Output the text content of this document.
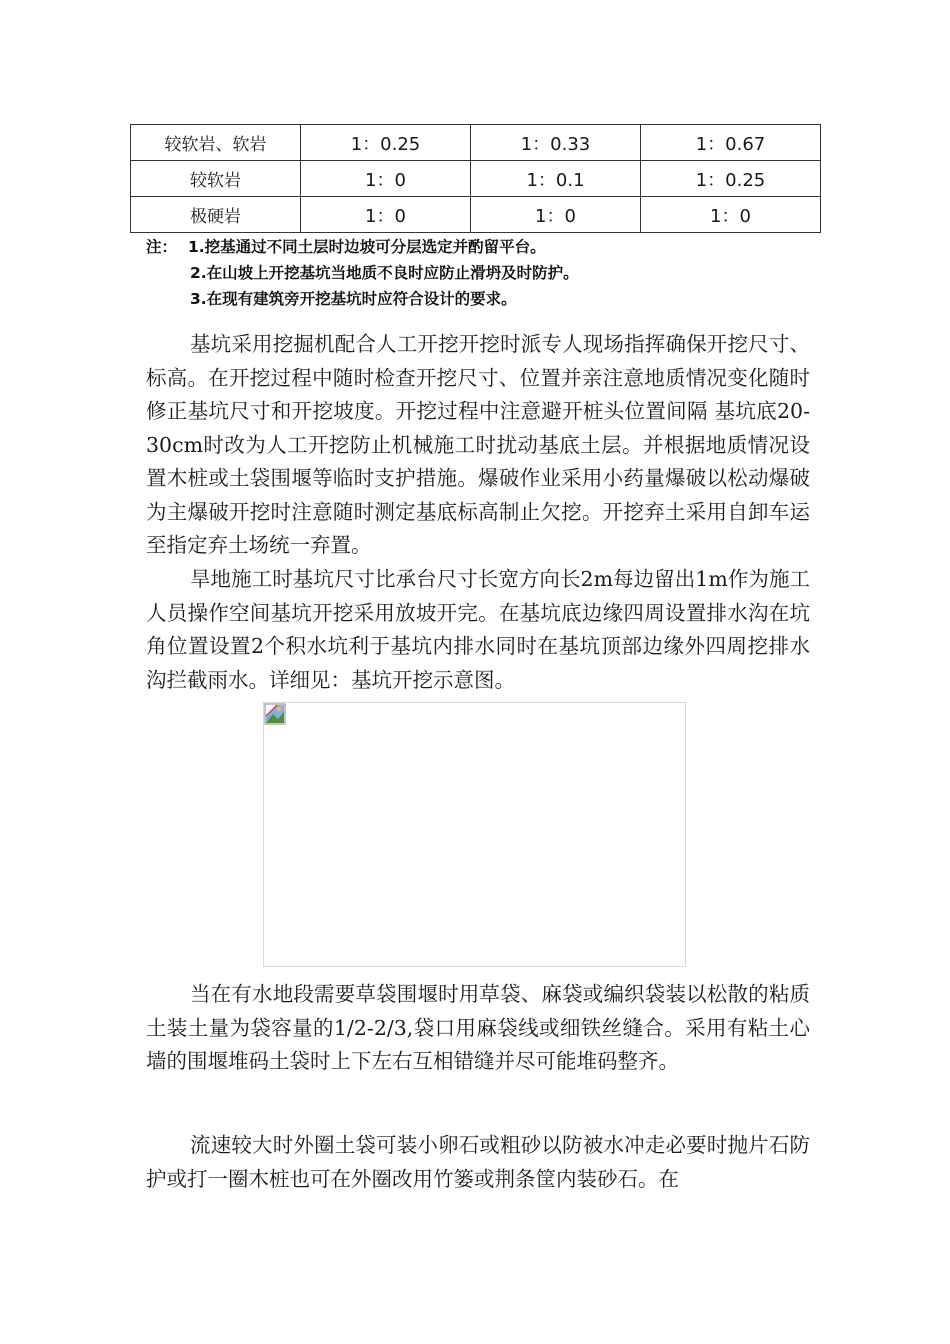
较软岩、软岩	1：0.25	1：0.33	1：0.67
较软岩	1：0	1：0.1	1：0.25
极硬岩	1：0	1：0	1：0
注： 1.挖基通过不同土层时边坡可分层选定并酌留平台。
2.在山坡上开挖基坑当地质不良时应防止滑坍及时防护。
3.在现有建筑旁开挖基坑时应符合设计的要求。

基坑采用挖掘机配合人工开挖开挖时派专人现场指挥确保开挖尺寸、标高。在开挖过程中随时检查开挖尺寸、位置并亲注意地质情况变化随时修正基坑尺寸和开挖坡度。开挖过程中注意避开桩头位置间隔 基坑底20-30cm时改为人工开挖防止机械施工时扰动基底土层。并根据地质情况设置木桩或土袋围堰等临时支护措施。爆破作业采用小药量爆破以松动爆破为主爆破开挖时注意随时测定基底标高制止欠挖。开挖弃土采用自卸车运至指定弃土场统一弃置。

旱地施工时基坑尺寸比承台尺寸长宽方向长2m每边留出1m作为施工人员操作空间基坑开挖采用放坡开完。在基坑底边缘四周设置排水沟在坑角位置设置2个积水坑利于基坑内排水同时在基坑顶部边缘外四周挖排水沟拦截雨水。详细见：基坑开挖示意图。

当在有水地段需要草袋围堰时用草袋、麻袋或编织袋装以松散的粘质土装土量为袋容量的1/2-2/3,袋口用麻袋线或细铁丝缝合。采用有粘土心墙的围堰堆码土袋时上下左右互相错缝并尽可能堆码整齐。

流速较大时外圈土袋可装小卵石或粗砂以防被水冲走必要时抛片石防护或打一圈木桩也可在外圈改用竹篓或荆条筐内装砂石。在
